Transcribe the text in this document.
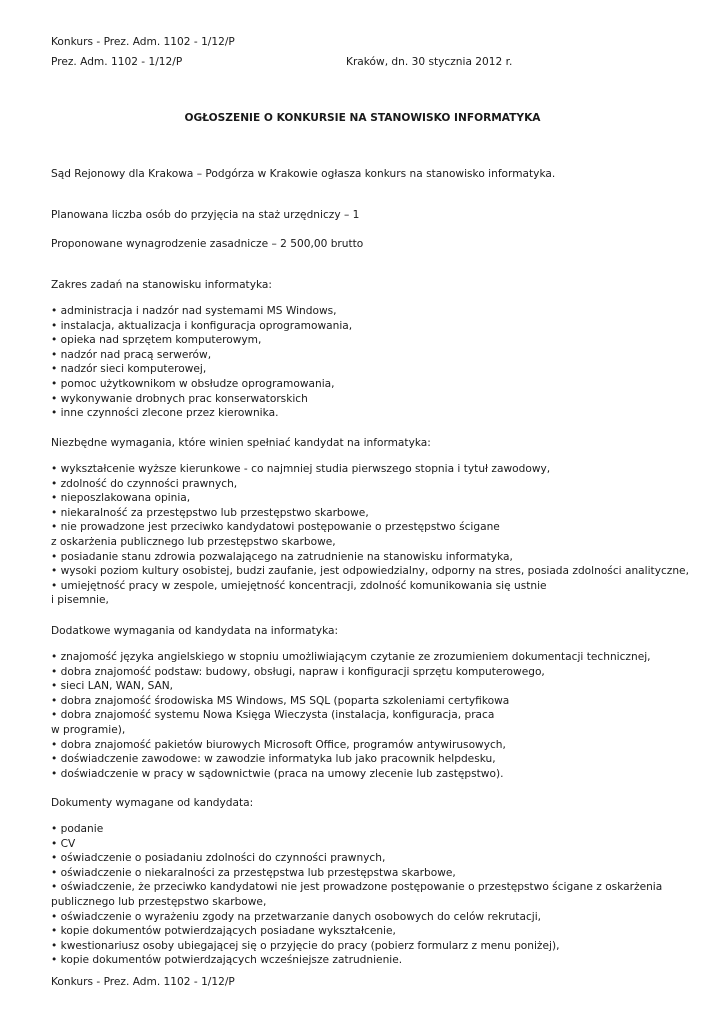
Konkurs - Prez. Adm. 1102 - 1/12/P

Prez. Adm. 1102 - 1/12/P	Kraków, dn. 30 stycznia 2012 r.
OGŁOSZENIE O KONKURSIE NA STANOWISKO INFORMATYKA

Sąd Rejonowy dla Krakowa – Podgórza w Krakowie ogłasza konkurs na stanowisko informatyka.

Planowana liczba osób do przyjęcia na staż urzędniczy – 1

Proponowane wynagrodzenie zasadnicze – 2 500,00 brutto

Zakres zadań na stanowisku informatyka:

• administracja i nadzór nad systemami MS Windows,
• instalacja, aktualizacja i konfiguracja oprogramowania,
• opieka nad sprzętem komputerowym,
• nadzór nad pracą serwerów,
• nadzór sieci komputerowej,
• pomoc użytkownikom w obsłudze oprogramowania,
• wykonywanie drobnych prac konserwatorskich
• inne czynności zlecone przez kierownika.

Niezbędne wymagania, które winien spełniać kandydat na informatyka:

• wykształcenie wyższe kierunkowe - co najmniej studia pierwszego stopnia i tytuł zawodowy,
• zdolność do czynności prawnych,
• nieposzlakowana opinia,
• niekaralność za przestępstwo lub przestępstwo skarbowe,
• nie prowadzone jest przeciwko kandydatowi postępowanie o przestępstwo ścigane
z oskarżenia publicznego lub przestępstwo skarbowe,
• posiadanie stanu zdrowia pozwalającego na zatrudnienie na stanowisku informatyka,
• wysoki poziom kultury osobistej, budzi zaufanie, jest odpowiedzialny, odporny na stres, posiada zdolności analityczne,
• umiejętność pracy w zespole, umiejętność koncentracji, zdolność komunikowania się ustnie
i pisemnie,

Dodatkowe wymagania od kandydata na informatyka:

• znajomość języka angielskiego w stopniu umożliwiającym czytanie ze zrozumieniem dokumentacji technicznej,
• dobra znajomość podstaw: budowy, obsługi, napraw i konfiguracji sprzętu komputerowego,
• sieci LAN, WAN, SAN,
• dobra znajomość środowiska MS Windows, MS SQL (poparta szkoleniami certyfikowa
• dobra znajomość systemu Nowa Księga Wieczysta (instalacja, konfiguracja, praca
w programie),
• dobra znajomość pakietów biurowych Microsoft Office, programów antywirusowych,
• doświadczenie zawodowe: w zawodzie informatyka lub jako pracownik helpdesku,
• doświadczenie w pracy w sądownictwie (praca na umowy zlecenie lub zastępstwo).

Dokumenty wymagane od kandydata:

• podanie
• CV
• oświadczenie o posiadaniu zdolności do czynności prawnych,
• oświadczenie o niekaralności za przestępstwa lub przestępstwa skarbowe,
• oświadczenie, że przeciwko kandydatowi nie jest prowadzone postępowanie o przestępstwo ścigane z oskarżenia
publicznego lub przestępstwo skarbowe,
• oświadczenie o wyrażeniu zgody na przetwarzanie danych osobowych do celów rekrutacji,
• kopie dokumentów potwierdzających posiadane wykształcenie,
• kwestionariusz osoby ubiegającej się o przyjęcie do pracy (pobierz formularz z menu poniżej),
• kopie dokumentów potwierdzających wcześniejsze zatrudnienie.

Konkurs - Prez. Adm. 1102 - 1/12/P
